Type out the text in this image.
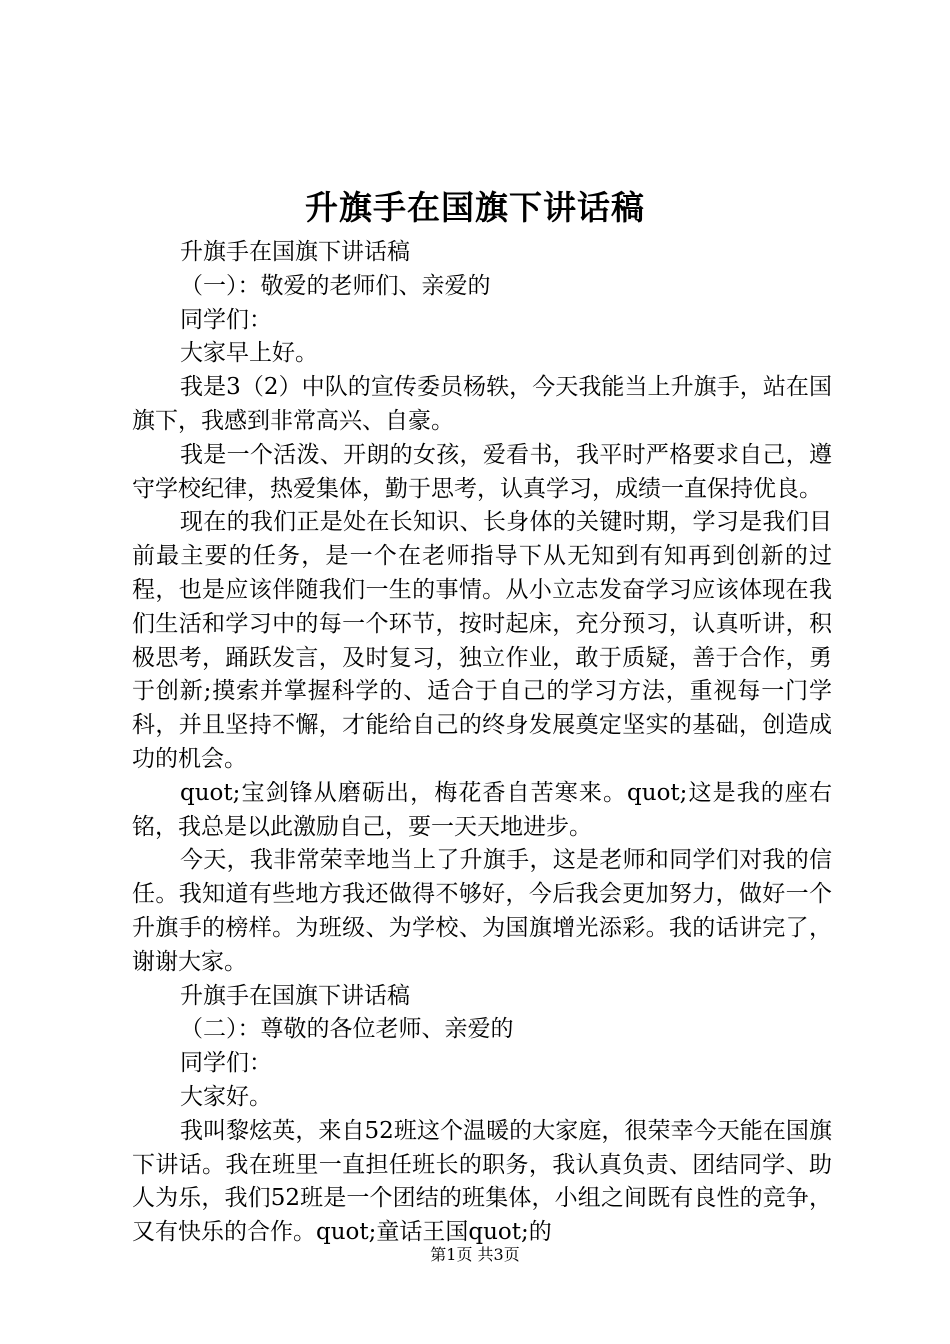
升旗手在国旗下讲话稿

升旗手在国旗下讲话稿

（一）：敬爱的老师们、亲爱的

同学们：

大家早上好。

我是3（2）中队的宣传委员杨轶，今天我能当上升旗手，站在国旗下，我感到非常高兴、自豪。

我是一个活泼、开朗的女孩，爱看书，我平时严格要求自己，遵守学校纪律，热爱集体，勤于思考，认真学习，成绩一直保持优良。

现在的我们正是处在长知识、长身体的关键时期，学习是我们目前最主要的任务，是一个在老师指导下从无知到有知再到创新的过程，也是应该伴随我们一生的事情。从小立志发奋学习应该体现在我们生活和学习中的每一个环节，按时起床，充分预习，认真听讲，积极思考，踊跃发言，及时复习，独立作业，敢于质疑，善于合作，勇于创新;摸索并掌握科学的、适合于自己的学习方法，重视每一门学科，并且坚持不懈，才能给自己的终身发展奠定坚实的基础，创造成功的机会。

quot;宝剑锋从磨砺出，梅花香自苦寒来。quot;这是我的座右铭，我总是以此激励自己，要一天天地进步。

今天，我非常荣幸地当上了升旗手，这是老师和同学们对我的信任。我知道有些地方我还做得不够好，今后我会更加努力，做好一个升旗手的榜样。为班级、为学校、为国旗增光添彩。我的话讲完了，谢谢大家。

升旗手在国旗下讲话稿

（二）：尊敬的各位老师、亲爱的

同学们：

大家好。

我叫黎炫英，来自52班这个温暖的大家庭，很荣幸今天能在国旗下讲话。我在班里一直担任班长的职务，我认真负责、团结同学、助人为乐，我们52班是一个团结的班集体，小组之间既有良性的竞争，又有快乐的合作。quot;童话王国quot;的

第1页 共3页
